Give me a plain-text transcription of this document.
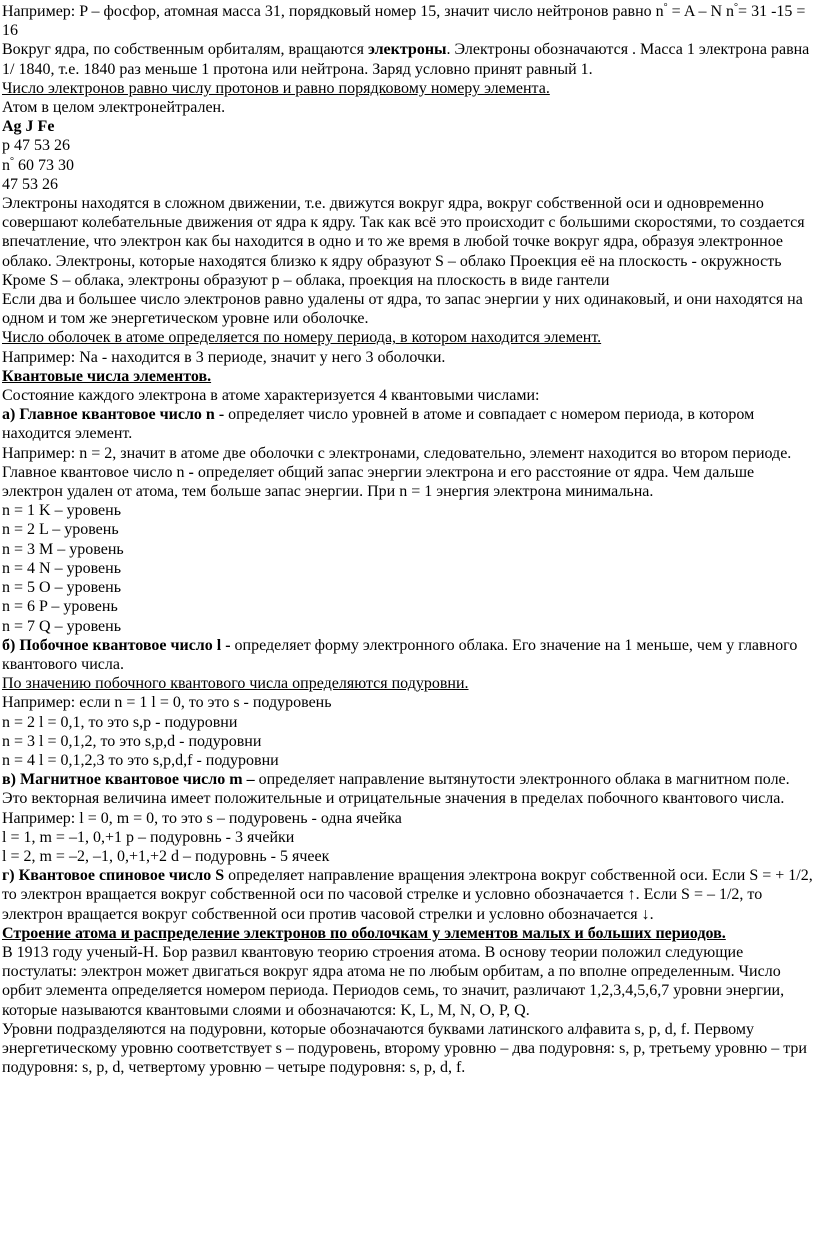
Например: P – фосфор, атомная масса 31, порядковый номер 15, значит число нейтронов равно n° = A – N n°= 31 -15 = 16

Вокруг ядра, по собственным орбиталям, вращаются электроны. Электроны обозначаются . Масса 1 электрона равна 1/ 1840, т.е. 1840 раз меньше 1 протона или нейтрона. Заряд условно принят равный 1.

Число электронов равно числу протонов и равно порядковому номеру элемента.

Атом в целом электронейтрален.

Ag J Fe

p 47 53 26

n° 60 73 30

47 53 26

Электроны находятся в сложном движении, т.е. движутся вокруг ядра, вокруг собственной оси и одновременно совершают колебательные движения от ядра к ядру. Так как всё это происходит с большими скоростями, то создается впечатление, что электрон как бы находится в одно и то же время в любой точке вокруг ядра, образуя электронное облако. Электроны, которые находятся близко к ядру образуют S – облако Проекция её на плоскость - окружность Кроме S – облака, электроны образуют p – облака, проекция на плоскость в виде гантели

Если два и большее число электронов равно удалены от ядра, то запас энергии у них одинаковый, и они находятся на одном и том же энергетическом уровне или оболочке.

Число оболочек в атоме определяется по номеру периода, в котором находится элемент.

Например: Na - находится в 3 периоде, значит у него 3 оболочки.

Квантовые числа элементов.

Состояние каждого электрона в атоме характеризуется 4 квантовыми числами:

а) Главное квантовое число n - определяет число уровней в атоме и совпадает с номером периода, в котором находится элемент.

Например: n = 2, значит в атоме две оболочки с электронами, следовательно, элемент находится во втором периоде.

Главное квантовое число n - определяет общий запас энергии электрона и его расстояние от ядра. Чем дальше электрон удален от атома, тем больше запас энергии. При n = 1 энергия электрона минимальна.

n = 1 K – уровень

n = 2 L – уровень

n = 3 M – уровень

n = 4 N – уровень

n = 5 O – уровень

n = 6 P – уровень

n = 7 Q – уровень

б) Побочное квантовое число l - определяет форму электронного облака. Его значение на 1 меньше, чем у главного квантового числа.

По значению побочного квантового числа определяются подуровни.

Например: если n = 1 l = 0, то это s - подуровень

n = 2 l = 0,1, то это s,p - подуровни

n = 3 l = 0,1,2, то это s,p,d - подуровни

n = 4 l = 0,1,2,3 то это s,p,d,f - подуровни

в) Магнитное квантовое число m – определяет направление вытянутости электронного облака в магнитном поле. Это векторная величина имеет положительные и отрицательные значения в пределах побочного квантового числа.

Например: l = 0, m = 0, то это s – подуровень - одна ячейка

l = 1, m = –1, 0,+1 p – подуровнь - 3 ячейки

l = 2, m = –2, –1, 0,+1,+2 d – подуровнь - 5 ячеек

г) Квантовое спиновое число S определяет направление вращения электрона вокруг собственной оси. Если S = + 1/2, то электрон вращается вокруг собственной оси по часовой стрелке и условно обозначается ↑. Если S = – 1/2, то электрон вращается вокруг собственной оси против часовой стрелки и условно обозначается ↓.

Строение атома и распределение электронов по оболочкам у элементов малых и больших периодов.

В 1913 году ученый-Н. Бор развил квантовую теорию строения атома. В основу теории положил следующие постулаты: электрон может двигаться вокруг ядра атома не по любым орбитам, а по вполне определенным. Число орбит элемента определяется номером периода. Периодов семь, то значит, различают 1,2,3,4,5,6,7 уровни энергии, которые называются квантовыми слоями и обозначаются: K, L, M, N, O, P, Q.

Уровни подразделяются на подуровни, которые обозначаются буквами латинского алфавита s, p, d, f. Первому энергетическому уровню соответствует s – подуровень, второму уровню – два подуровня: s, p, третьему уровню – три подуровня: s, p, d, четвертому уровню – четыре подуровня: s, p, d, f.
